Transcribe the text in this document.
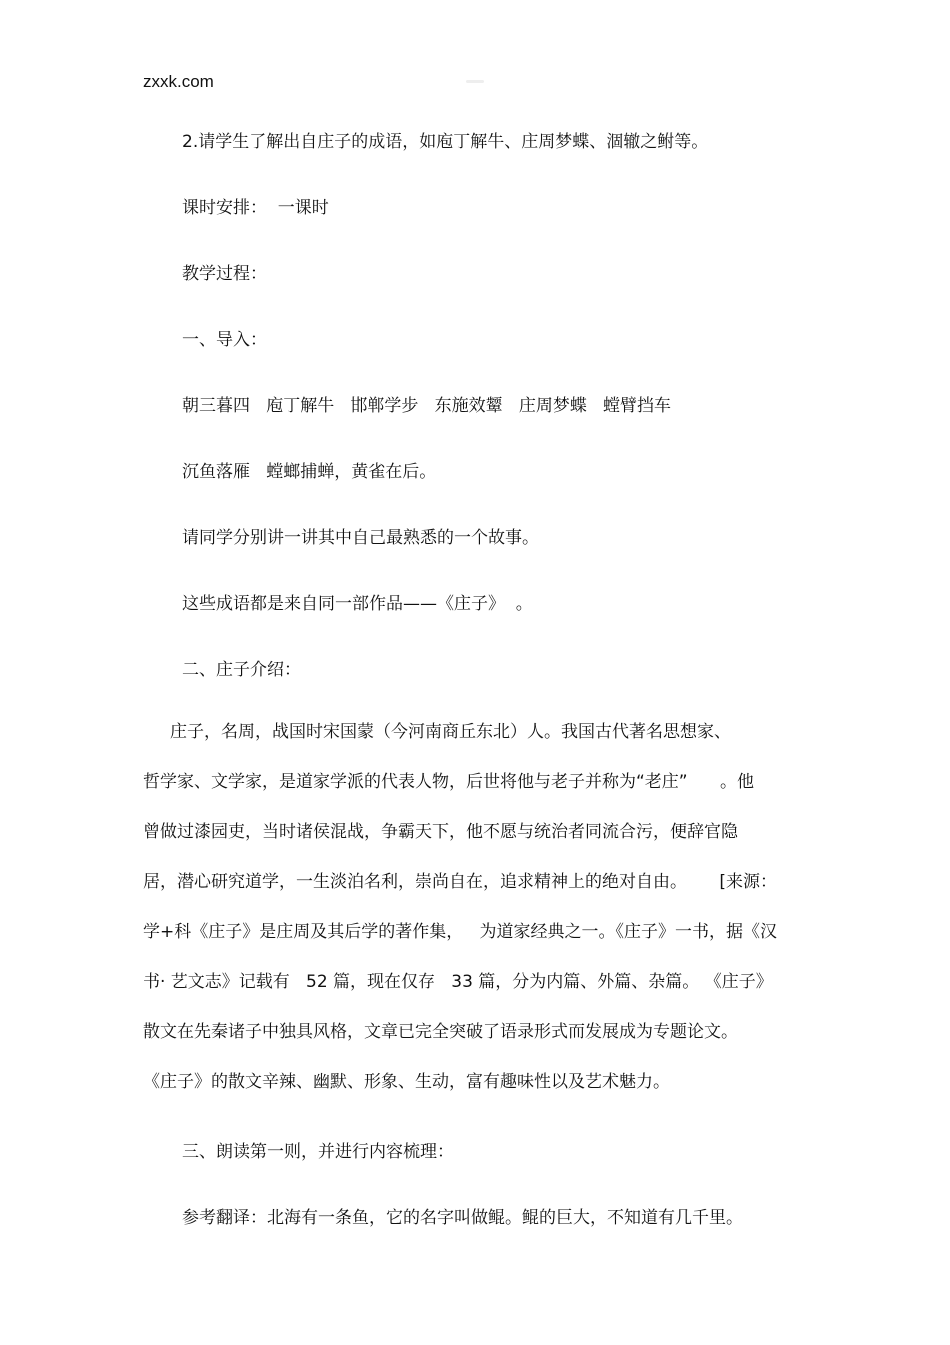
zxxk.com
2.请学生了解出自庄子的成语，如庖丁解牛、庄周梦蝶、涸辙之鲋等。
课时安排：  一课时
教学过程：
一、导入：
朝三暮四   庖丁解牛   邯郸学步   东施效颦   庄周梦蝶   螳臂挡车
沉鱼落雁   螳螂捕蝉，黄雀在后。
请同学分别讲一讲其中自己最熟悉的一个故事。
这些成语都是来自同一部作品——《庄子》  。
二、庄子介绍：
庄子，名周，战国时宋国蒙（今河南商丘东北）人。我国古代著名思想家、
哲学家、文学家，是道家学派的代表人物，后世将他与老子并称为“老庄”      。他
曾做过漆园吏，当时诸侯混战，争霸天下，他不愿与统治者同流合污，便辞官隐
居，潜心研究道学，一生淡泊名利，崇尚自在，追求精神上的绝对自由。      [来源：
学+科《庄子》是庄周及其后学的著作集，   为道家经典之一。《庄子》一书，据《汉
书· 艺文志》记载有   52 篇，现在仅存   33 篇，分为内篇、外篇、杂篇。 《庄子》
散文在先秦诸子中独具风格，文章已完全突破了语录形式而发展成为专题论文。
《庄子》的散文辛辣、幽默、形象、生动，富有趣味性以及艺术魅力。
三、朗读第一则，并进行内容梳理：
参考翻译：北海有一条鱼，它的名字叫做鲲。鲲的巨大，不知道有几千里。
